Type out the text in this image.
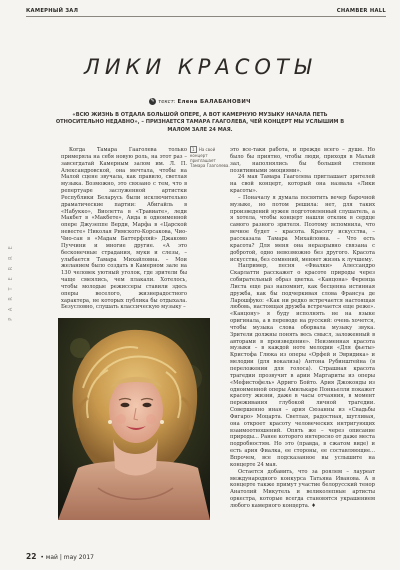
КАМЕРНЫЙ ЗАЛ	CHAMBER HALL
PARTERRE
ЛИКИ КРАСОТЫ
✎ текст: Елена БАЛАБАНОВИЧ
«ВСЮ ЖИЗНЬ В ОТДАЛА БОЛЬШОЙ ОПЕРЕ, А ВОТ КАМЕРНУЮ МУЗЫКУ НАЧАЛА ПЕТЬ ОТНОСИТЕЛЬНО НЕДАВНО», – ПРИЗНАЕТСЯ ТАМАРА ГААГОЛЕВА, ЧЕЙ КОНЦЕРТ МЫ УСЛЫШИМ В МАЛОМ ЗАЛЕ 24 МАЯ.

Когда Тамара Гааголева только примеряла на себя новую роль, на этот раз – завсегдатай Камерным залом им. Л. П. Александровской, она мечтала, чтобы на Малой сцене звучала, как правило, светлая музыка. Возможно, это связано с тем, что в репертуаре заслуженной артистки Республики Беларусь были исключительно драматические партии: Абигайль в «Набукко», Виолетта в «Травиате», леди Макбет в «Макбете», Аида в одноименной опере Джузеппе Верди, Марфа в «Царской невесте» Николая Римского-Корсакова, Чио-Чио-сан в «Мадам Баттерфляй» Джакомо Пуччини и многие другие. «А это бесконечные страдания, муки и слезы, – улыбается Тамара Михайловна. – Мои желанием было создать в Камерном зале на 130 человек уютный уголок, где зрители бы чаще смеялись, чем плакали. Хотелось, чтобы молодые режиссеры ставили здесь оперы веселого, жизнерадостного характера, не которых публика бы отдыхала. Безусловно, слушать классическую музыку –

1 На свой концерт приглашает Тамара Гааголева.

это все-таки работа, и прежде всего – душе. Но было бы приятно, чтобы люди, приходя в Малый зал, наполнялись бы большей степени позитивными эмоциями».

24 мая Тамара Гааголева приглашает зрителей на свой концерт, который она назвала «Лики красоты».

– Поначалу я думала посвятить вечер барочной музыке, но потом решила: нет, для таких произведений нужен подготовленный слушатель, а я хотела, чтобы концерт нашли отклик в сердце самого разного зрителя. Поэтому вспомнила, что вечное будет – красота. Красоту искусства, – рассказала Тамара Михайловна. – Что есть красота? Для меня она неразрывно связана с добротой, одно невозможно без другого. Красота искусства, без сомнений, меняет жизнь к лучшему.

Например, песня «Фиалки» Алессандро Скарлатти расскажет о красоте природы через собирательный образ цветка. «Канцона» Ференца Листа еще раз напомнит, как бесценна истинная дружба, как бы подчеркивая слова Франсуа де Ларошфуко: «Как ни редко встречается настоящая любовь, настоящая дружба встречается еще реже». «Канцону» я буду исполнять не на языке оригинала, а в переводе на русский: очень хочется, чтобы музыка слова оборвала музыку звука. Зрители должны понять весь смысл, заложенный в авторами в произведение». Неизменная красота музыки – в каждой ноте мелодии «Для фьеты» Кристофа Глюка из оперы «Орфей и Эвридика» и мелодии (для вокализа) Антона Рубинштейна (в переложении для голоса). Страшная красота трагедии прозвучит в арии Маргариты из оперы «Мефистофель» Арриго Бойто. Ария Джоконды из одноименной оперы Амилькаре Понкьелли покажет красоту жизни, даже в часы отчаяния, в момент переживания глубокой личной трагедии. Совершенно иная – ария Сюзанны из «Свадьбы Фигаро» Моцарта. Светлая, радостная, шутливая, она откроет красоту человеческих интригующих взаимоотношений. Опять же – через описание природы... Ранее которого интересно от даже места подробностям. Но это (правда, в сжатом виде) и есть ария Фиалка, ее стороны, ее составляющие... Впрочем, все подсказанное вы услышите на концерте 24 мая.

Остается добавить, что за роялем – лауреат международного конкурса Татьяна Иванова. А в концерте также примут участие белорусский тенор Анатолий Микутель и великолепные артисты оркестра, которые всегда становятся украшением любого камерного концерта. ♦

22 • май | may 2017
